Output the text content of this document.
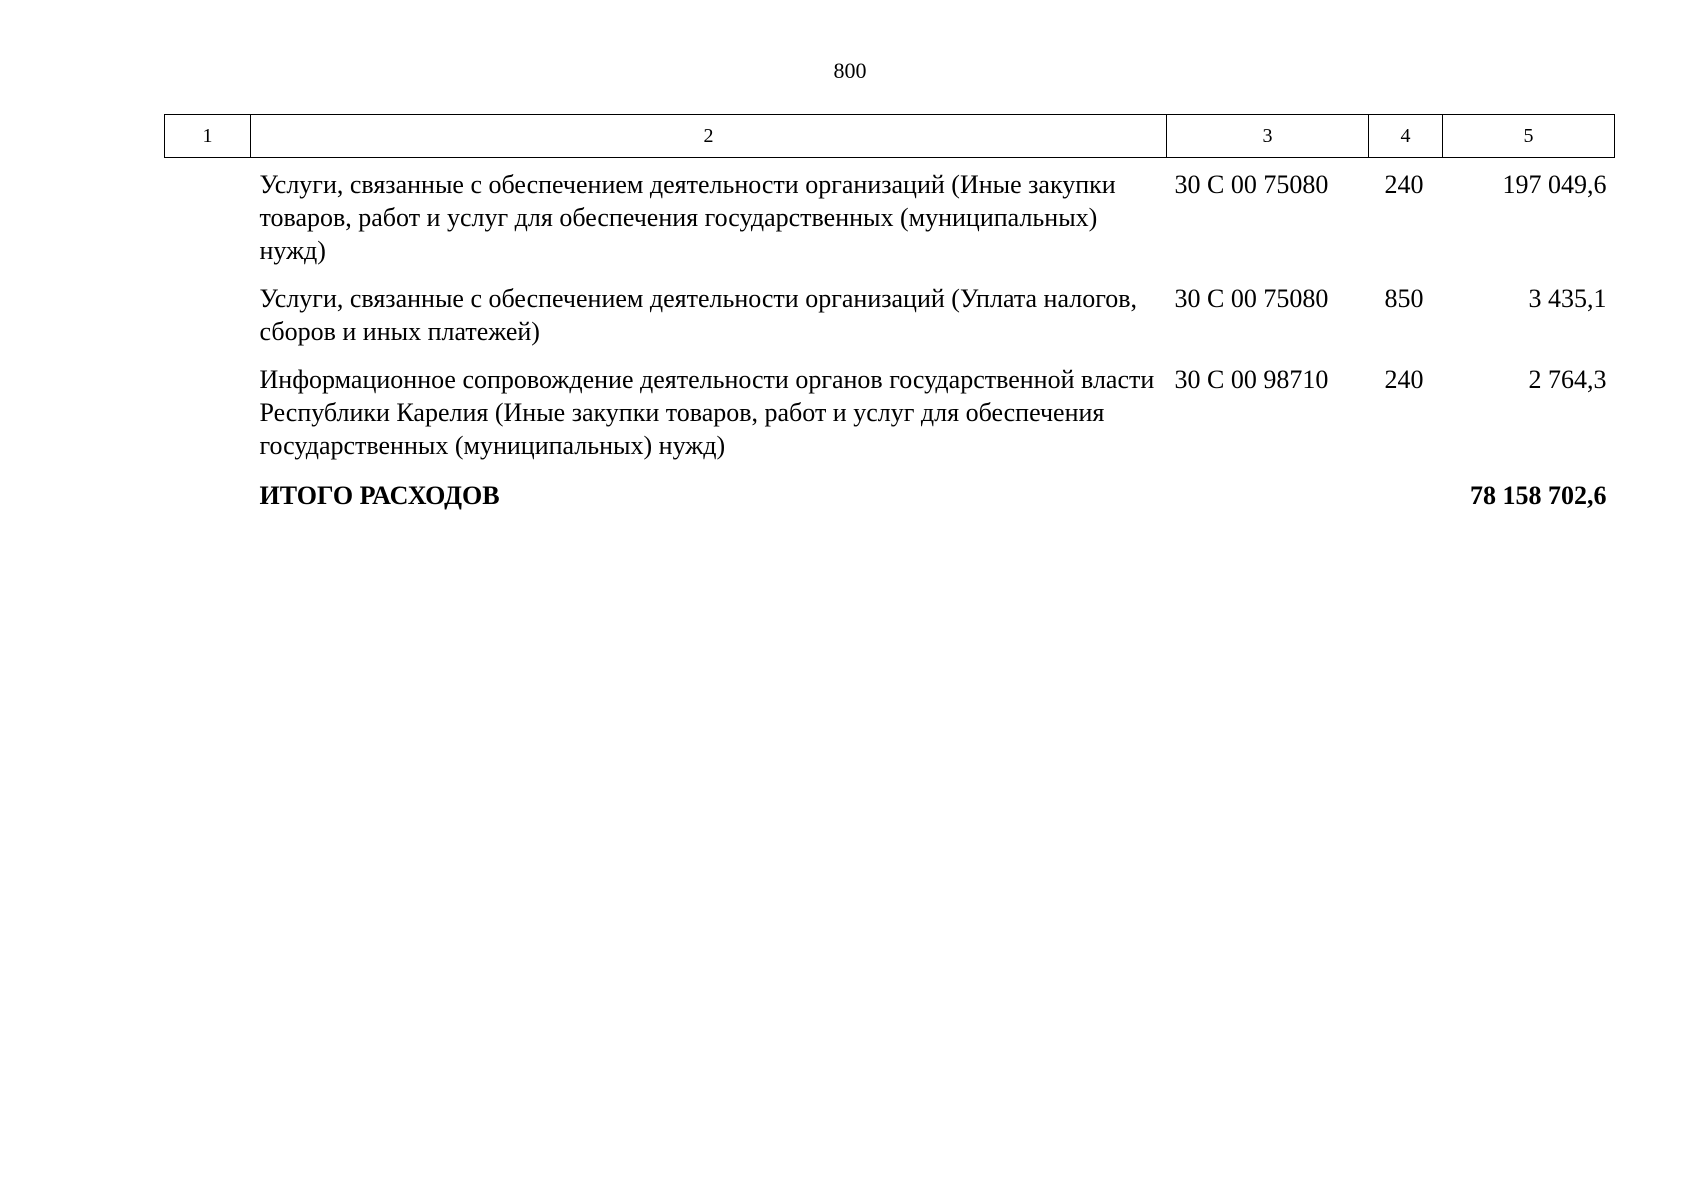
800
1	2	3	4	5
	Услуги, связанные с обеспечением деятельности организаций (Иные закупки товаров, работ и услуг для обеспечения государственных (муниципальных) нужд)	30 С 00 75080	240	197 049,6
	Услуги, связанные с обеспечением деятельности организаций (Уплата налогов, сборов и иных платежей)	30 С 00 75080	850	3 435,1
	Информационное сопровождение деятельности органов государственной власти Республики Карелия (Иные закупки товаров, работ и услуг для обеспечения государственных (муниципальных) нужд)	30 С 00 98710	240	2 764,3
	ИТОГО РАСХОДОВ			78 158 702,6
